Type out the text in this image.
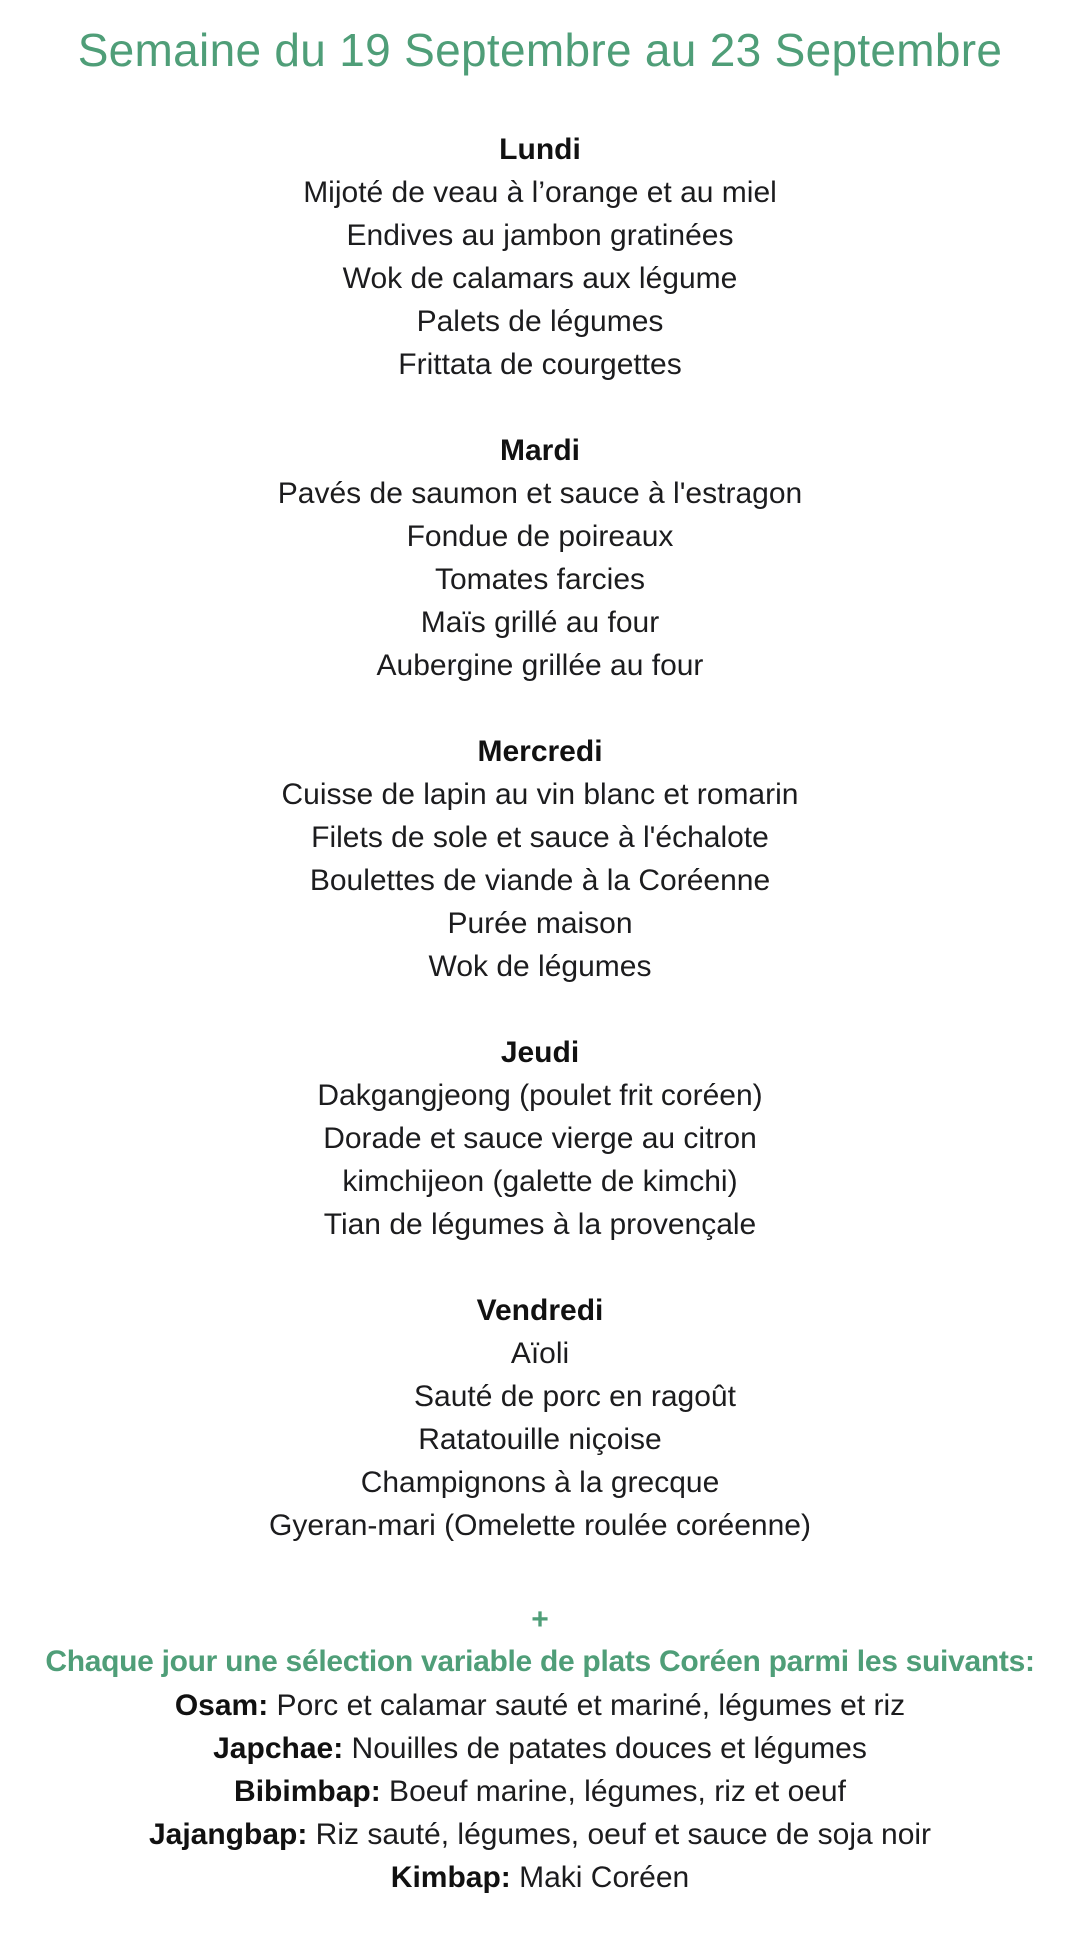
Semaine du 19 Septembre au 23 Septembre
Lundi
Mijoté de veau à l’orange et au miel
Endives au jambon gratinées
Wok de calamars aux légume
Palets de légumes
Frittata de courgettes
Mardi
Pavés de saumon et sauce à l'estragon
Fondue de poireaux
Tomates farcies
Maïs grillé au four
Aubergine grillée au four
Mercredi
Cuisse de lapin au vin blanc et romarin
Filets de sole et sauce à l'échalote
Boulettes de viande à la Coréenne
Purée maison
Wok de légumes
Jeudi
Dakgangjeong (poulet frit coréen)
Dorade et sauce vierge au citron
kimchijeon (galette de kimchi)
Tian de légumes à la provençale
Vendredi
Aïoli
Sauté de porc en ragoût
Ratatouille niçoise
Champignons à la grecque
Gyeran-mari (Omelette roulée coréenne)
+
Chaque jour une sélection variable de plats Coréen parmi les suivants:
Osam: Porc et calamar sauté et mariné, légumes et riz
Japchae: Nouilles de patates douces et légumes
Bibimbap: Boeuf marine, légumes, riz et oeuf
Jajangbap: Riz sauté, légumes, oeuf et sauce de soja noir
Kimbap: Maki Coréen
